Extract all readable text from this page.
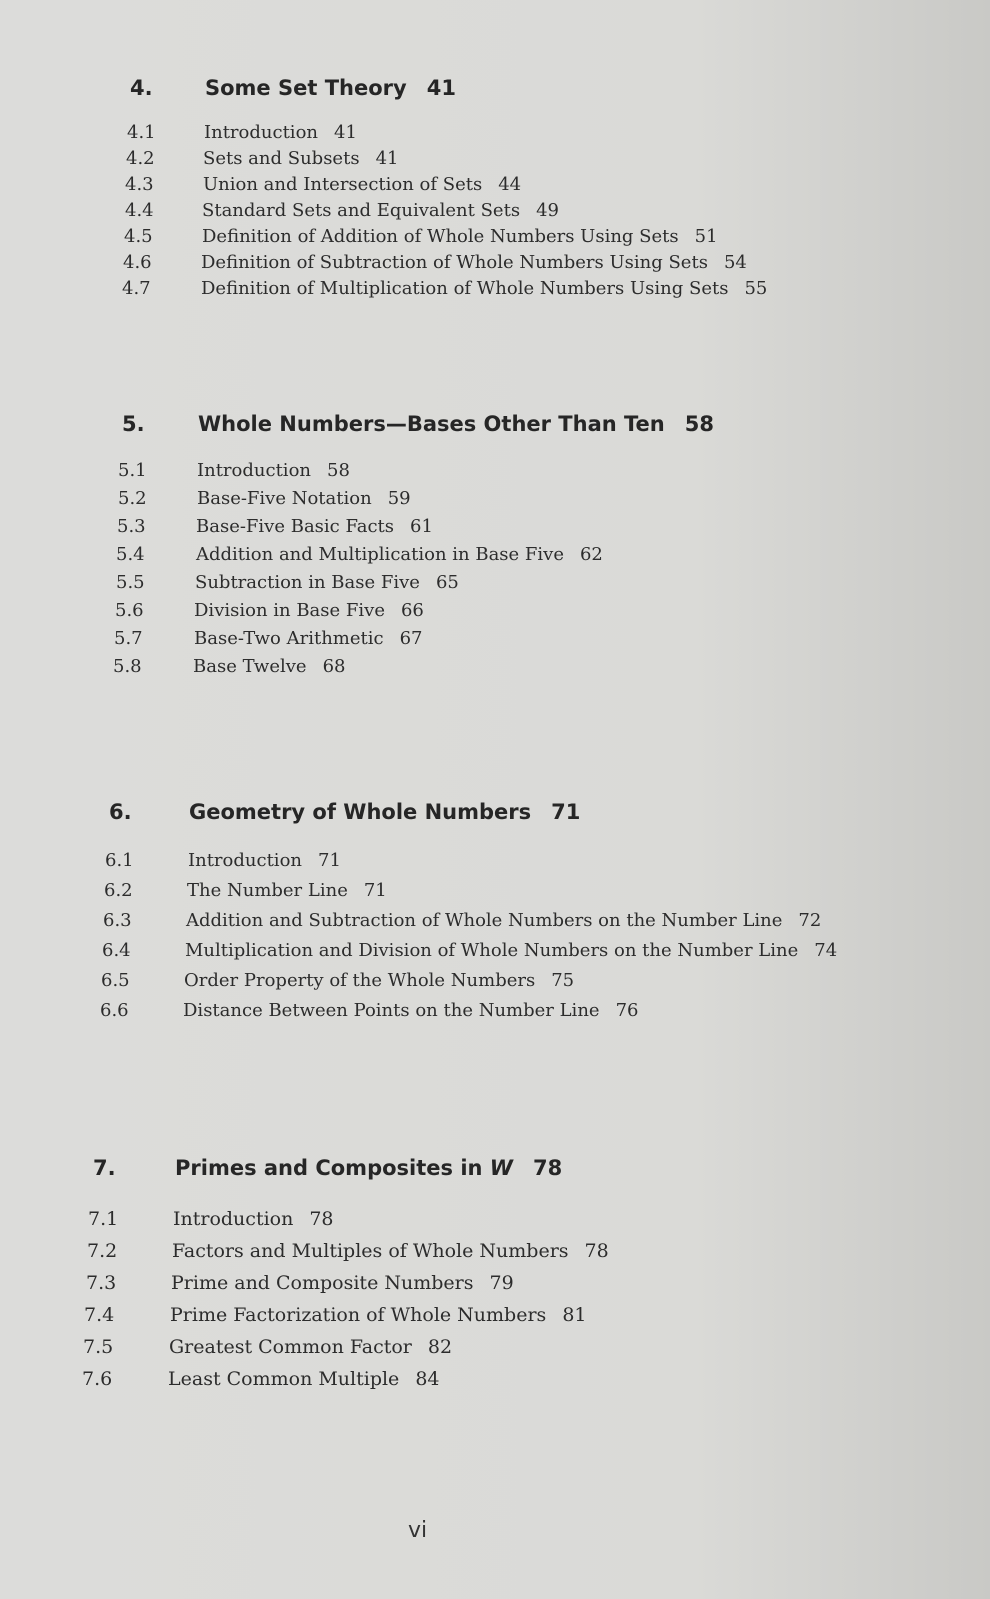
4. Some Set Theory 41
4.1	Introduction 41
4.2	Sets and Subsets 41
4.3	Union and Intersection of Sets 44
4.4	Standard Sets and Equivalent Sets 49
4.5	Definition of Addition of Whole Numbers Using Sets 51
4.6	Definition of Subtraction of Whole Numbers Using Sets 54
4.7	Definition of Multiplication of Whole Numbers Using Sets 55
5.	Whole Numbers—Bases Other Than Ten 58
5.1	Introduction 58
5.2	Base-Five Notation 59
5.3	Base-Five Basic Facts 61
5.4	Addition and Multiplication in Base Five 62
5.5	Subtraction in Base Five 65
5.6	Division in Base Five 66
5.7	Base-Two Arithmetic 67
5.8	Base Twelve 68
6.	Geometry of Whole Numbers 71
6.1	Introduction 71
6.2	The Number Line 71
6.3	Addition and Subtraction of Whole Numbers on the Number Line 72
6.4	Multiplication and Division of Whole Numbers on the Number Line 74
6.5	Order Property of the Whole Numbers 75
6.6	Distance Between Points on the Number Line 76
7.	Primes and Composites in W 78
7.1	Introduction 78
7.2	Factors and Multiples of Whole Numbers 78
7.3	Prime and Composite Numbers 79
7.4	Prime Factorization of Whole Numbers 81
7.5	Greatest Common Factor 82
7.6	Least Common Multiple 84
vi
